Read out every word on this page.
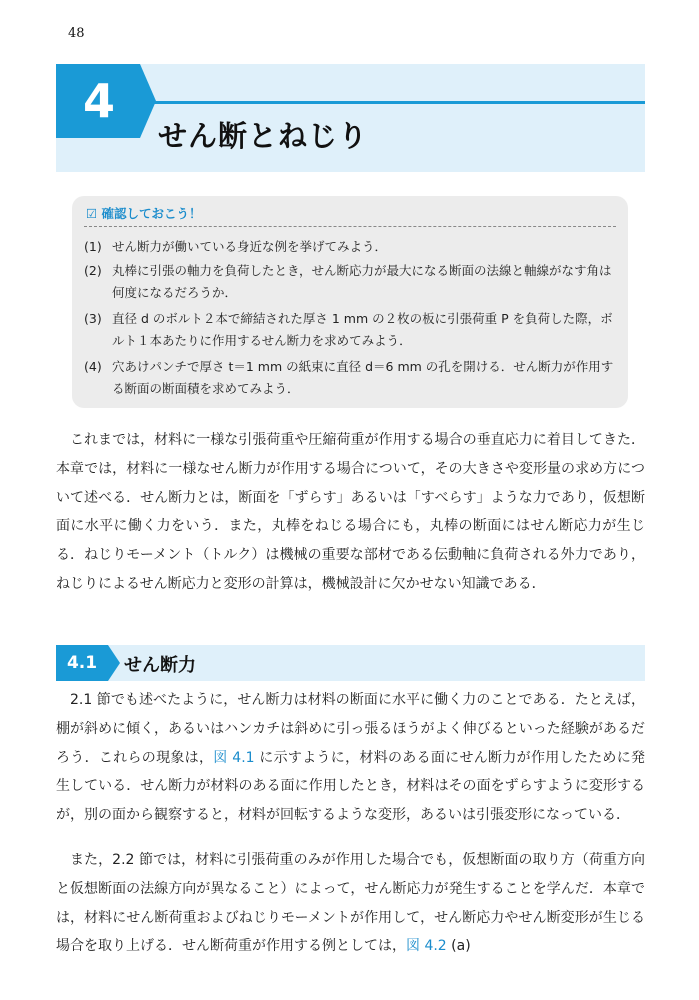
48
4
せん断とねじり
☑ 確認しておこう！
(1) せん断力が働いている身近な例を挙げてみよう．
(2) 丸棒に引張の軸力を負荷したとき，せん断応力が最大になる断面の法線と軸線がなす角は何度になるだろうか．
(3) 直径 d のボルト２本で締結された厚さ 1 mm の２枚の板に引張荷重 P を負荷した際，ボルト１本あたりに作用するせん断力を求めてみよう．
(4) 穴あけパンチで厚さ t＝1 mm の紙束に直径 d＝6 mm の孔を開ける．せん断力が作用する断面の断面積を求めてみよう．
これまでは，材料に一様な引張荷重や圧縮荷重が作用する場合の垂直応力に着目してきた．本章では，材料に一様なせん断力が作用する場合について，その大きさや変形量の求め方について述べる．せん断力とは，断面を「ずらす」あるいは「すべらす」ような力であり，仮想断面に水平に働く力をいう．また，丸棒をねじる場合にも，丸棒の断面にはせん断応力が生じる．ねじりモーメント（トルク）は機械の重要な部材である伝動軸に負荷される外力であり，ねじりによるせん断応力と変形の計算は，機械設計に欠かせない知識である．
4.1	せん断力
2.1 節でも述べたように，せん断力は材料の断面に水平に働く力のことである．たとえば，棚が斜めに傾く，あるいはハンカチは斜めに引っ張るほうがよく伸びるといった経験があるだろう．これらの現象は，図 4.1 に示すように，材料のある面にせん断力が作用したために発生している．せん断力が材料のある面に作用したとき，材料はその面をずらすように変形するが，別の面から観察すると，材料が回転するような変形，あるいは引張変形になっている．
また，2.2 節では，材料に引張荷重のみが作用した場合でも，仮想断面の取り方（荷重方向と仮想断面の法線方向が異なること）によって，せん断応力が発生することを学んだ．本章では，材料にせん断荷重およびねじりモーメントが作用して，せん断応力やせん断変形が生じる場合を取り上げる．せん断荷重が作用する例としては，図 4.2 (a)
